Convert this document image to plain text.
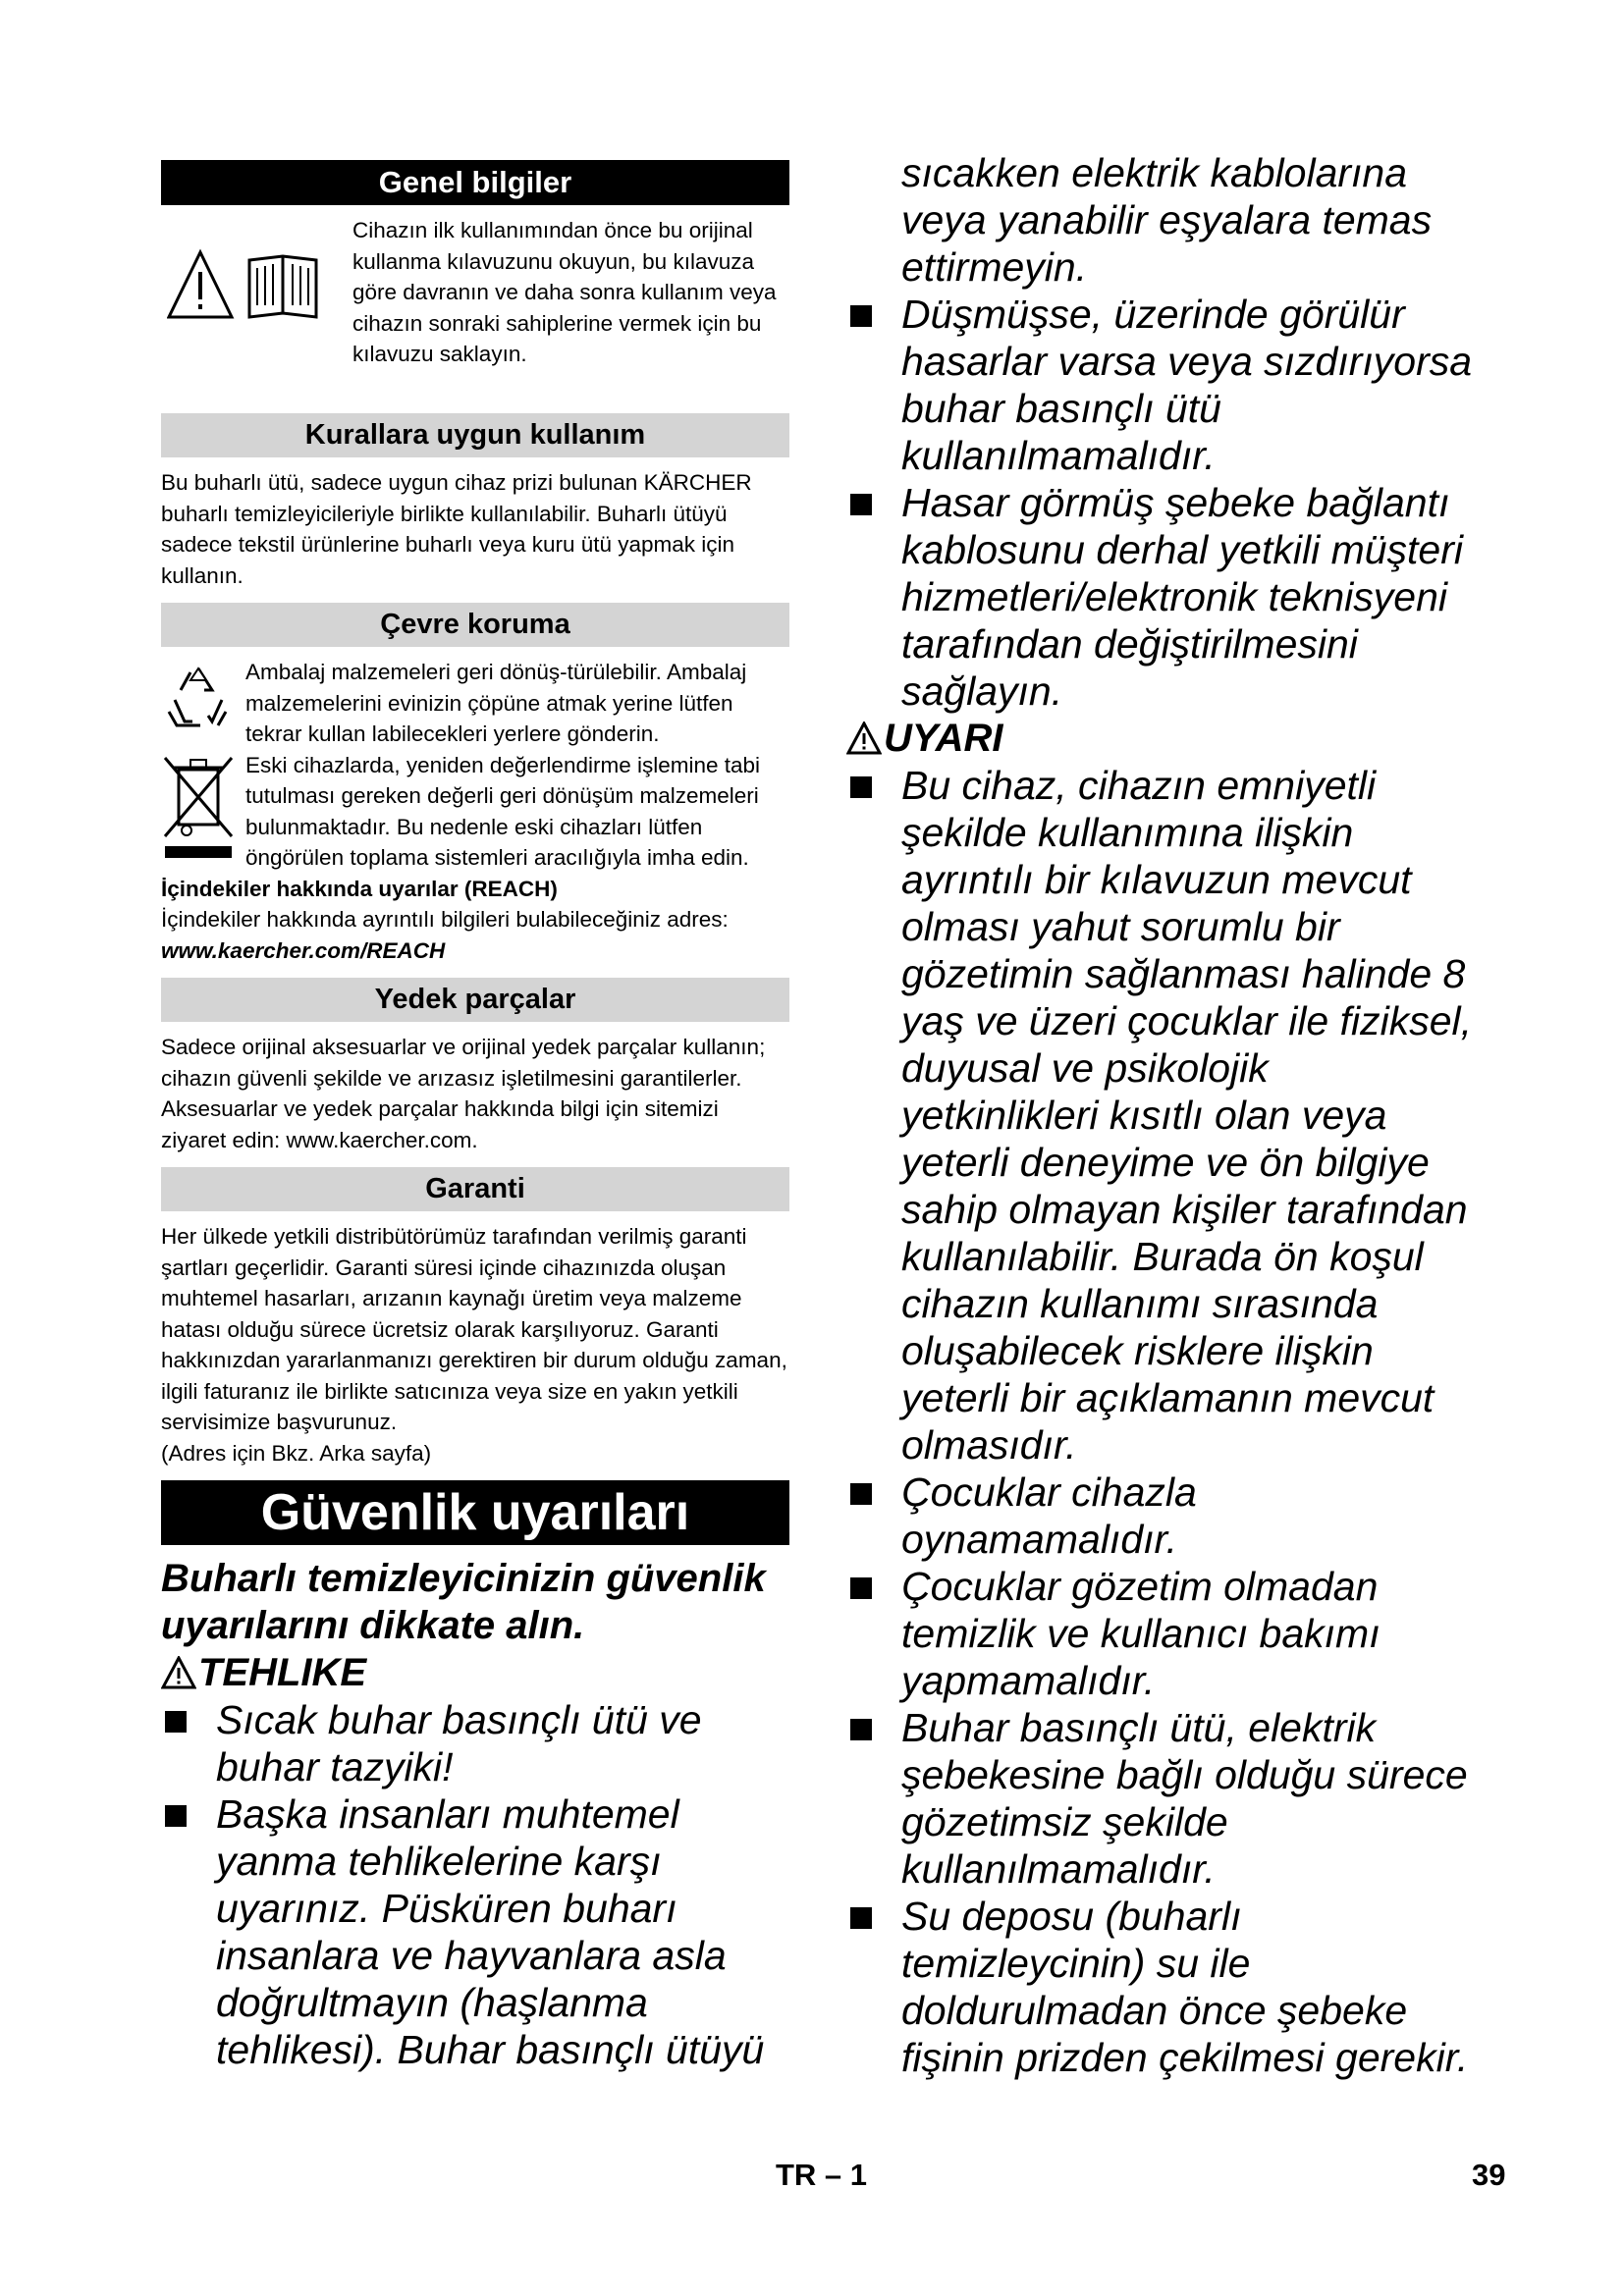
Genel bilgiler

Cihazın ilk kullanımından önce bu orijinal kullanma kılavuzunu okuyun, bu kılavuza göre davranın ve daha sonra kullanım veya cihazın sonraki sahiplerine vermek için bu kılavuzu saklayın.

Kurallara uygun kullanım

Bu buharlı ütü, sadece uygun cihaz prizi bulunan KÄRCHER buharlı temizleyicileriyle birlikte kullanılabilir. Buharlı ütüyü sadece tekstil ürünlerine buharlı veya kuru ütü yapmak için kullanın.

Çevre koruma

Ambalaj malzemeleri geri dönüş-türülebilir. Ambalaj malzemelerini evinizin çöpüne atmak yerine lütfen tekrar kullan labilecekleri yerlere gönderin.

Eski cihazlarda, yeniden değerlendirme işlemine tabi tutulması gereken değerli geri dönüşüm malzemeleri bulunmaktadır. Bu nedenle eski cihazları lütfen öngörülen toplama sistemleri aracılığıyla imha edin.

İçindekiler hakkında uyarılar (REACH)

İçindekiler hakkında ayrıntılı bilgileri bulabileceğiniz adres:

www.kaercher.com/REACH

Yedek parçalar

Sadece orijinal aksesuarlar ve orijinal yedek parçalar kullanın; cihazın güvenli şekilde ve arızasız işletilmesini garantilerler.

Aksesuarlar ve yedek parçalar hakkında bilgi için sitemizi ziyaret edin: www.kaercher.com.

Garanti

Her ülkede yetkili distribütörümüz tarafından verilmiş garanti şartları geçerlidir. Garanti süresi içinde cihazınızda oluşan muhtemel hasarları, arızanın kaynağı üretim veya malzeme hatası olduğu sürece ücretsiz olarak karşılıyoruz. Garanti hakkınızdan yararlanmanızı gerektiren bir durum olduğu zaman, ilgili faturanız ile birlikte satıcınıza veya size en yakın yetkili servisimize başvurunuz.

(Adres için Bkz. Arka sayfa)

Güvenlik uyarıları

Buharlı temizleyicinizin güvenlik uyarılarını dikkate alın.

TEHLIKE

Sıcak buhar basınçlı ütü ve buhar tazyiki!
Başka insanları muhtemel yanma tehlikelerine karşı uyarınız. Püsküren buharı insanlara ve hayvanlara asla doğrultmayın (haşlanma tehlikesi). Buhar basınçlı ütüyü

sıcakken elektrik kablolarına veya yanabilir eşyalara temas ettirmeyin.

Düşmüşse, üzerinde görülür hasarlar varsa veya sızdırıyorsa buhar basınçlı ütü kullanılmamalıdır.
Hasar görmüş şebeke bağlantı kablosunu derhal yetkili müşteri hizmetleri/elektronik teknisyeni tarafından değiştirilmesini sağlayın.

UYARI

Bu cihaz, cihazın emniyetli şekilde kullanımına ilişkin ayrıntılı bir kılavuzun mevcut olması yahut sorumlu bir gözetimin sağlanması halinde 8 yaş ve üzeri çocuklar ile fiziksel, duyusal ve psikolojik yetkinlikleri kısıtlı olan veya yeterli deneyime ve ön bilgiye sahip olmayan kişiler tarafından kullanılabilir. Burada ön koşul cihazın kullanımı sırasında oluşabilecek risklere ilişkin yeterli bir açıklamanın mevcut olmasıdır.
Çocuklar cihazla oynamamalıdır.
Çocuklar gözetim olmadan temizlik ve kullanıcı bakımı yapmamalıdır.
Buhar basınçlı ütü, elektrik şebekesine bağlı olduğu sürece gözetimsiz şekilde kullanılmamalıdır.
Su deposu (buharlı temizleycinin) su ile doldurulmadan önce şebeke fişinin prizden çekilmesi gerekir.
TR – 1	39
